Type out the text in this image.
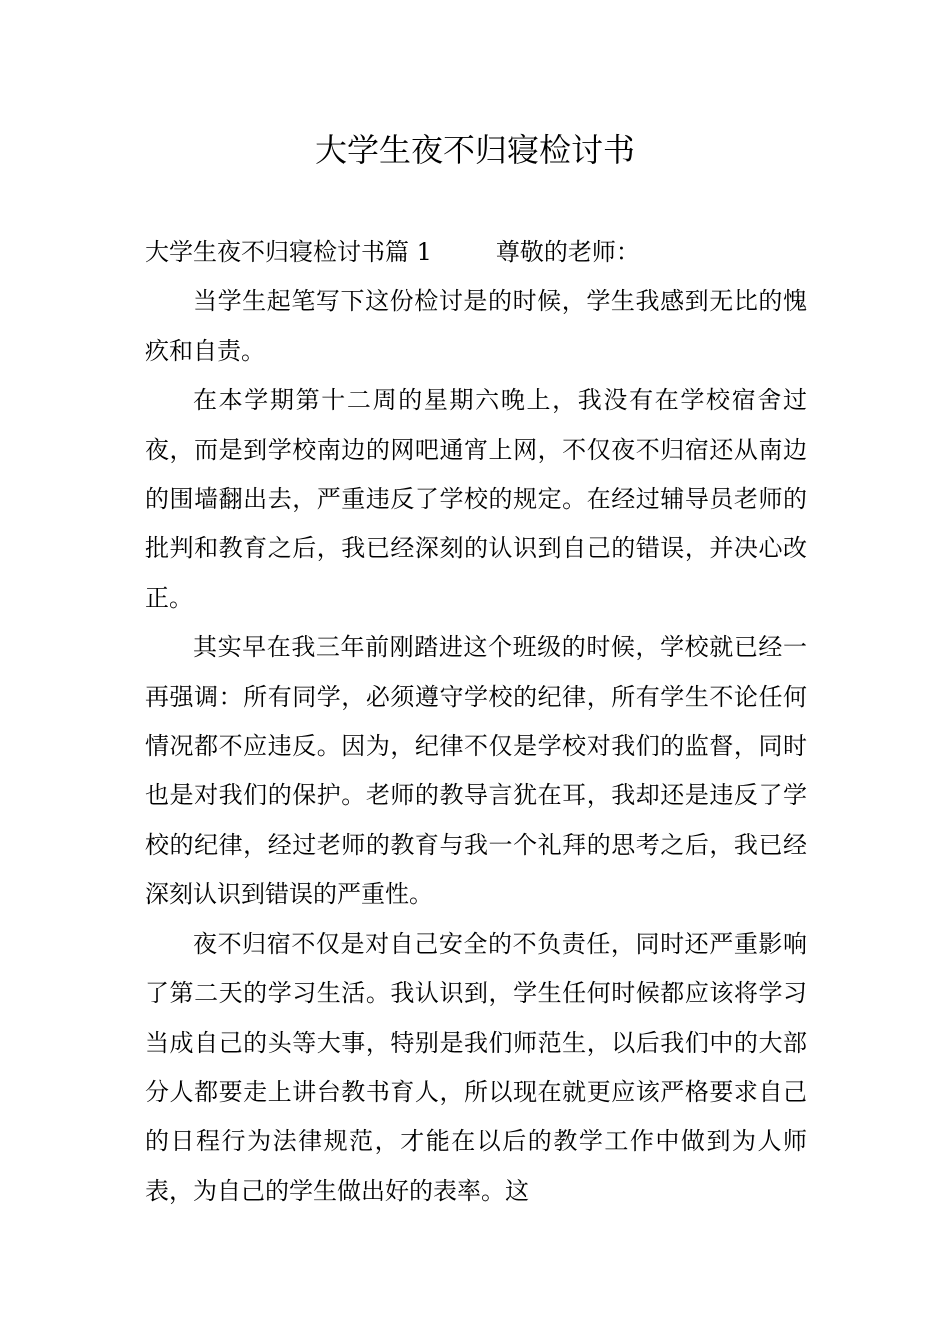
大学生夜不归寝检讨书

大学生夜不归寝检讨书篇 1	尊敬的老师：

当学生起笔写下这份检讨是的时候，学生我感到无比的愧疚和自责。

在本学期第十二周的星期六晚上，我没有在学校宿舍过夜，而是到学校南边的网吧通宵上网，不仅夜不归宿还从南边的围墙翻出去，严重违反了学校的规定。在经过辅导员老师的批判和教育之后，我已经深刻的认识到自己的错误，并决心改正。

其实早在我三年前刚踏进这个班级的时候，学校就已经一再强调：所有同学，必须遵守学校的纪律，所有学生不论任何情况都不应违反。因为，纪律不仅是学校对我们的监督，同时也是对我们的保护。老师的教导言犹在耳，我却还是违反了学校的纪律，经过老师的教育与我一个礼拜的思考之后，我已经深刻认识到错误的严重性。

夜不归宿不仅是对自己安全的不负责任，同时还严重影响了第二天的学习生活。我认识到，学生任何时候都应该将学习当成自己的头等大事，特别是我们师范生，以后我们中的大部分人都要走上讲台教书育人，所以现在就更应该严格要求自己的日程行为法律规范，才能在以后的教学工作中做到为人师表，为自己的学生做出好的表率。这
